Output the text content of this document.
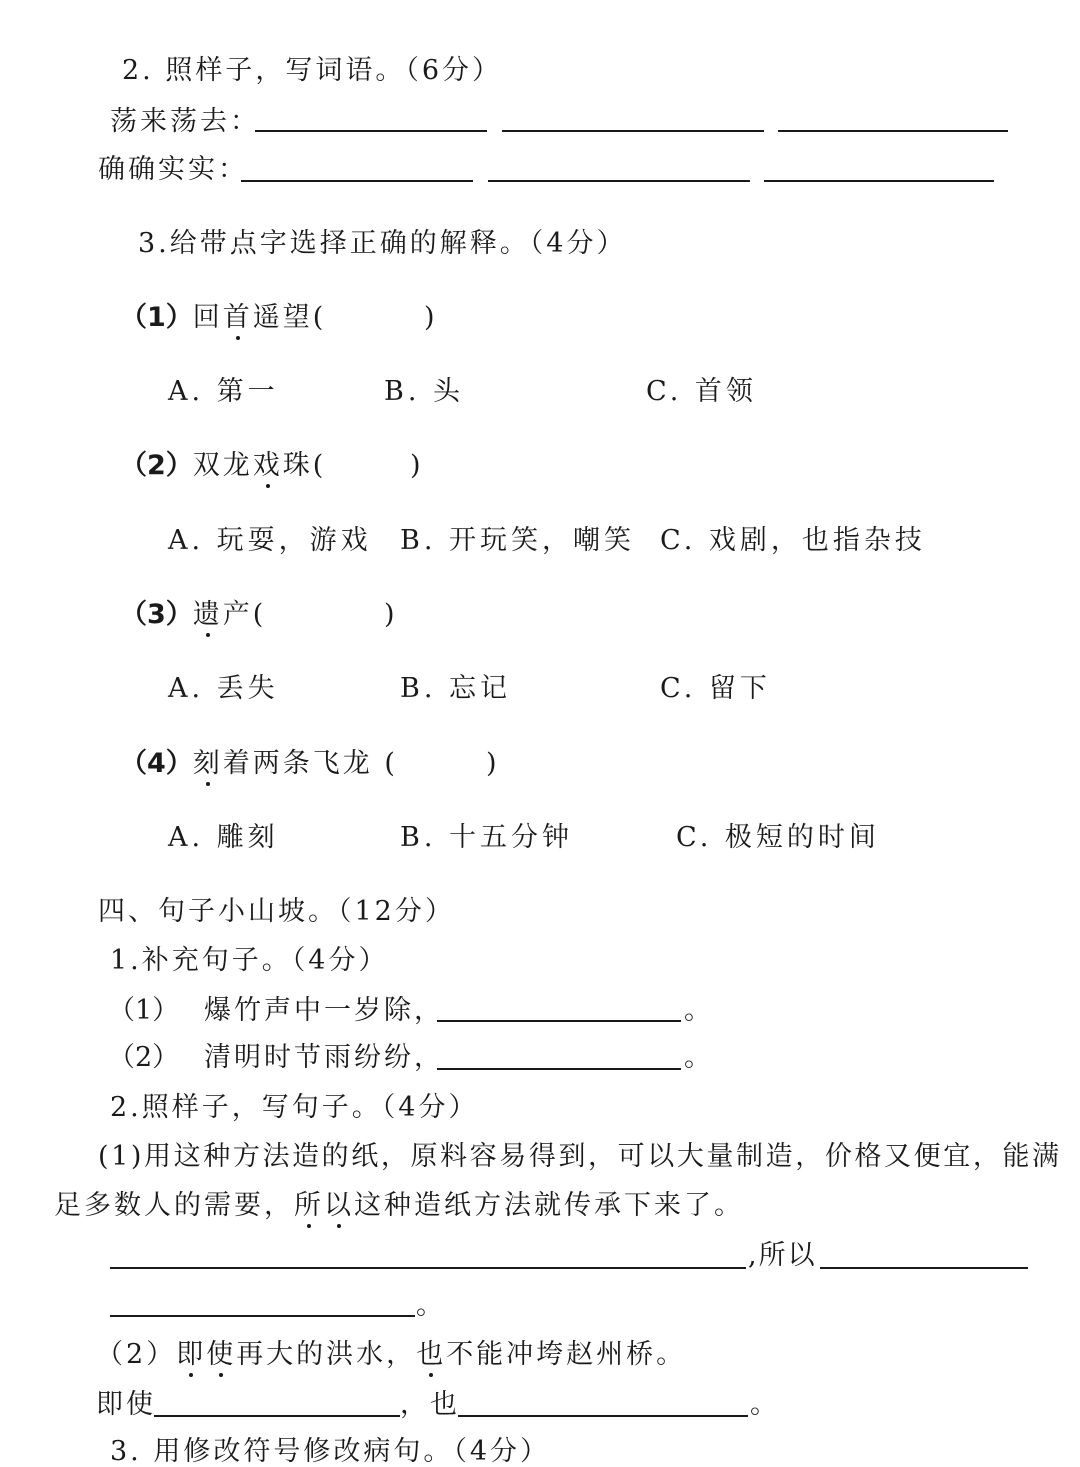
2. 照样子，写词语。（6分）
荡来荡去：
确确实实：
3.给带点字选择正确的解释。（4分）
（1）回首遥望(	)
A. 第一	B. 头	C. 首领
（2）双龙戏珠(	)
A. 玩耍，游戏 B. 开玩笑，嘲笑 C. 戏剧，也指杂技
（3）遗产(	)
A. 丢失	B. 忘记	C. 留下
（4）刻着两条飞龙 (	)
A. 雕刻	B. 十五分钟	C. 极短的时间
四、句子小山坡。（12分）
1.补充句子。（4分）
（1） 爆竹声中一岁除，	。
（2） 清明时节雨纷纷，	。
2.照样子，写句子。（4分）
(1)用这种方法造的纸，原料容易得到，可以大量制造，价格又便宜，能满
足多数人的需要，所以这种造纸方法就传承下来了。
,所以
。
（2）即使再大的洪水，也不能冲垮赵州桥。
即使	，也	。
3. 用修改符号修改病句。（4分）
